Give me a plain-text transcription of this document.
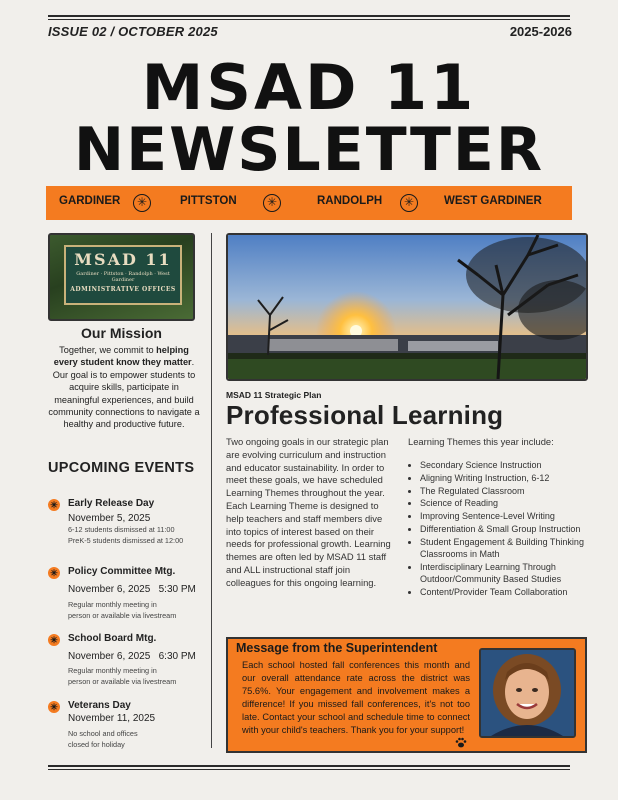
ISSUE 02 / OCTOBER 2025	2025-2026
MSAD 11
NEWSLETTER
GARDINER	✳	PITTSTON	✳	RANDOLPH	✳	WEST GARDINER
MSAD 11
Gardiner · Pittston · Randolph · West Gardiner
ADMINISTRATIVE OFFICES
Our Mission
Together, we commit to helping every student know they matter. Our goal is to empower students to acquire skills, participate in meaningful experiences, and build community connections to navigate a healthy and productive future.
UPCOMING EVENTS
✳ Early Release Day
November 5, 2025
6-12 students dismissed at 11:00
PreK-5 students dismissed at 12:00
✳ Policy Committee Mtg.
November 6, 2025   5:30 PM
Regular monthly meeting in
person or available via livestream
✳ School Board Mtg.
November 6, 2025   6:30 PM
Regular monthly meeting in
person or available via livestream
✳ Veterans Day
November 11, 2025
No school and offices
closed for holiday
MSAD 11 Strategic Plan
Professional Learning
Two ongoing goals in our strategic plan are evolving curriculum and instruction and educator sustainability. In order to meet these goals, we have scheduled Learning Themes throughout the year. Each Learning Theme is designed to help teachers and staff members dive into topics of interest based on their needs for professional growth. Learning themes are often led by MSAD 11 staff and ALL instructional staff join colleagues for this ongoing learning.
Learning Themes this year include:
• Secondary Science Instruction
• Aligning Writing Instruction, 6-12
• The Regulated Classroom
• Science of Reading
• Improving Sentence-Level Writing
• Differentiation & Small Group Instruction
• Student Engagement & Building Thinking Classrooms in Math
• Interdisciplinary Learning Through Outdoor/Community Based Studies
• Content/Provider Team Collaboration
Message from the Superintendent
Each school hosted fall conferences this month and our overall attendance rate across the district was 75.6%. Your engagement and involvement makes a difference! If you missed fall conferences, it's not too late. Contact your school and schedule time to connect with your child's teachers. Thank you for your support!
